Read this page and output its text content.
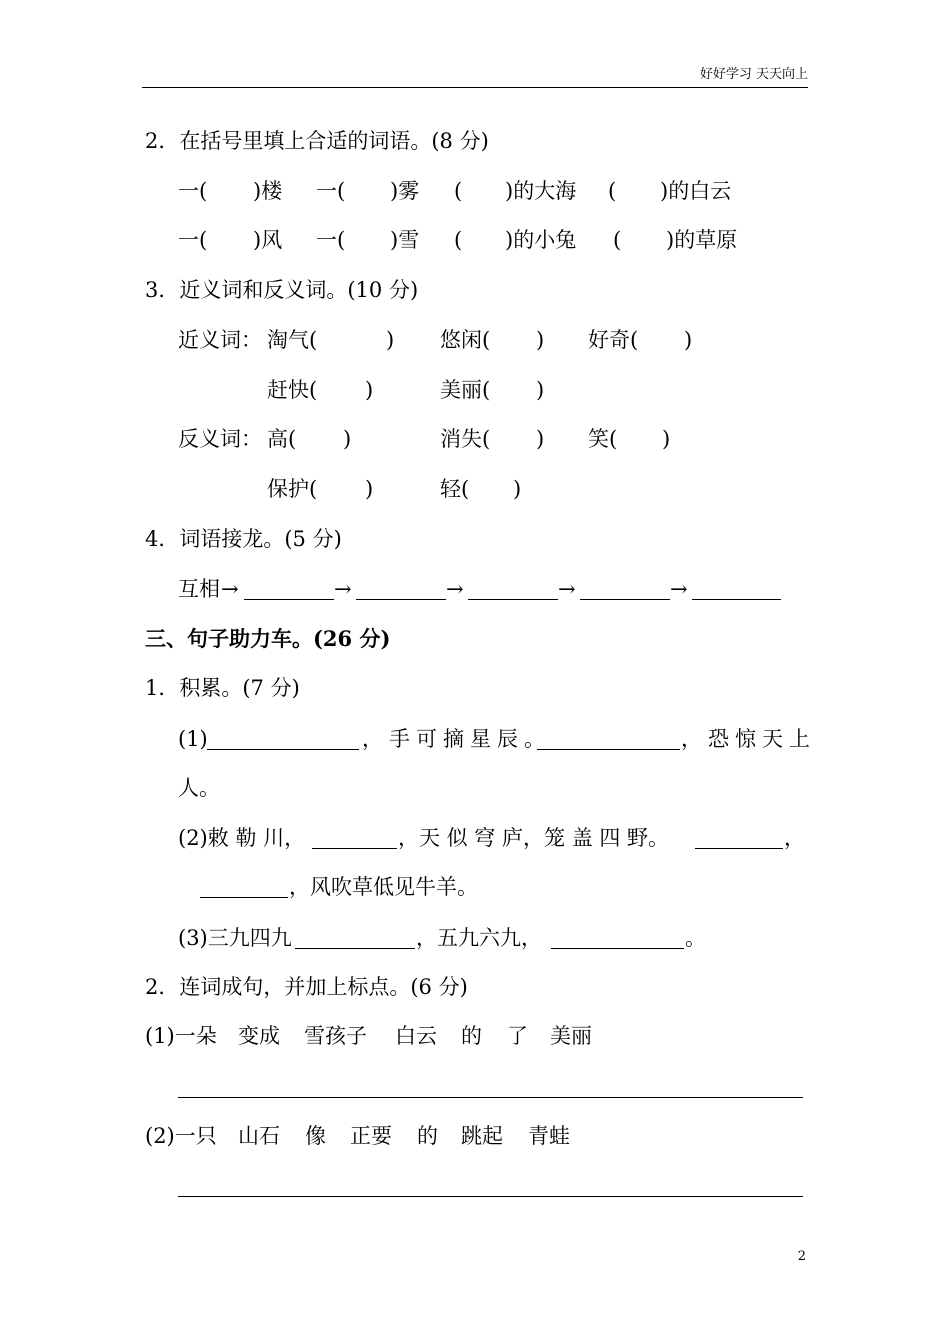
好好学习 天天向上
2．在括号里填上合适的词语。(8 分)
一( )楼 一( )雾 ( )的大海 ( )的白云
一( )风 一( )雪 ( )的小兔 ( )的草原
3．近义词和反义词。(10 分)
近义词： 淘气(	) 悠闲( ) 好奇( )
赶快( )	美丽( )
反义词： 高( )	消失( ) 笑( )
保护( )	轻( )
4．词语接龙。(5 分)
互相 →	→	→	→	→
三、句子助力车。(26 分)
1．积累。(7 分)
(1)	，手可摘星辰。	，恐惊天上
人。
(2)敕 勒 川，	，天 似 穹 庐，笼 盖 四 野。	，
，风吹草低见牛羊。
(3)三九四九	，五九六九，	。
2．连词成句，并加上标点。(6 分)
(1)一朵 变成 雪孩子 白云 的 了 美丽
(2)一只 山石 像 正要 的 跳起 青蛙
2
